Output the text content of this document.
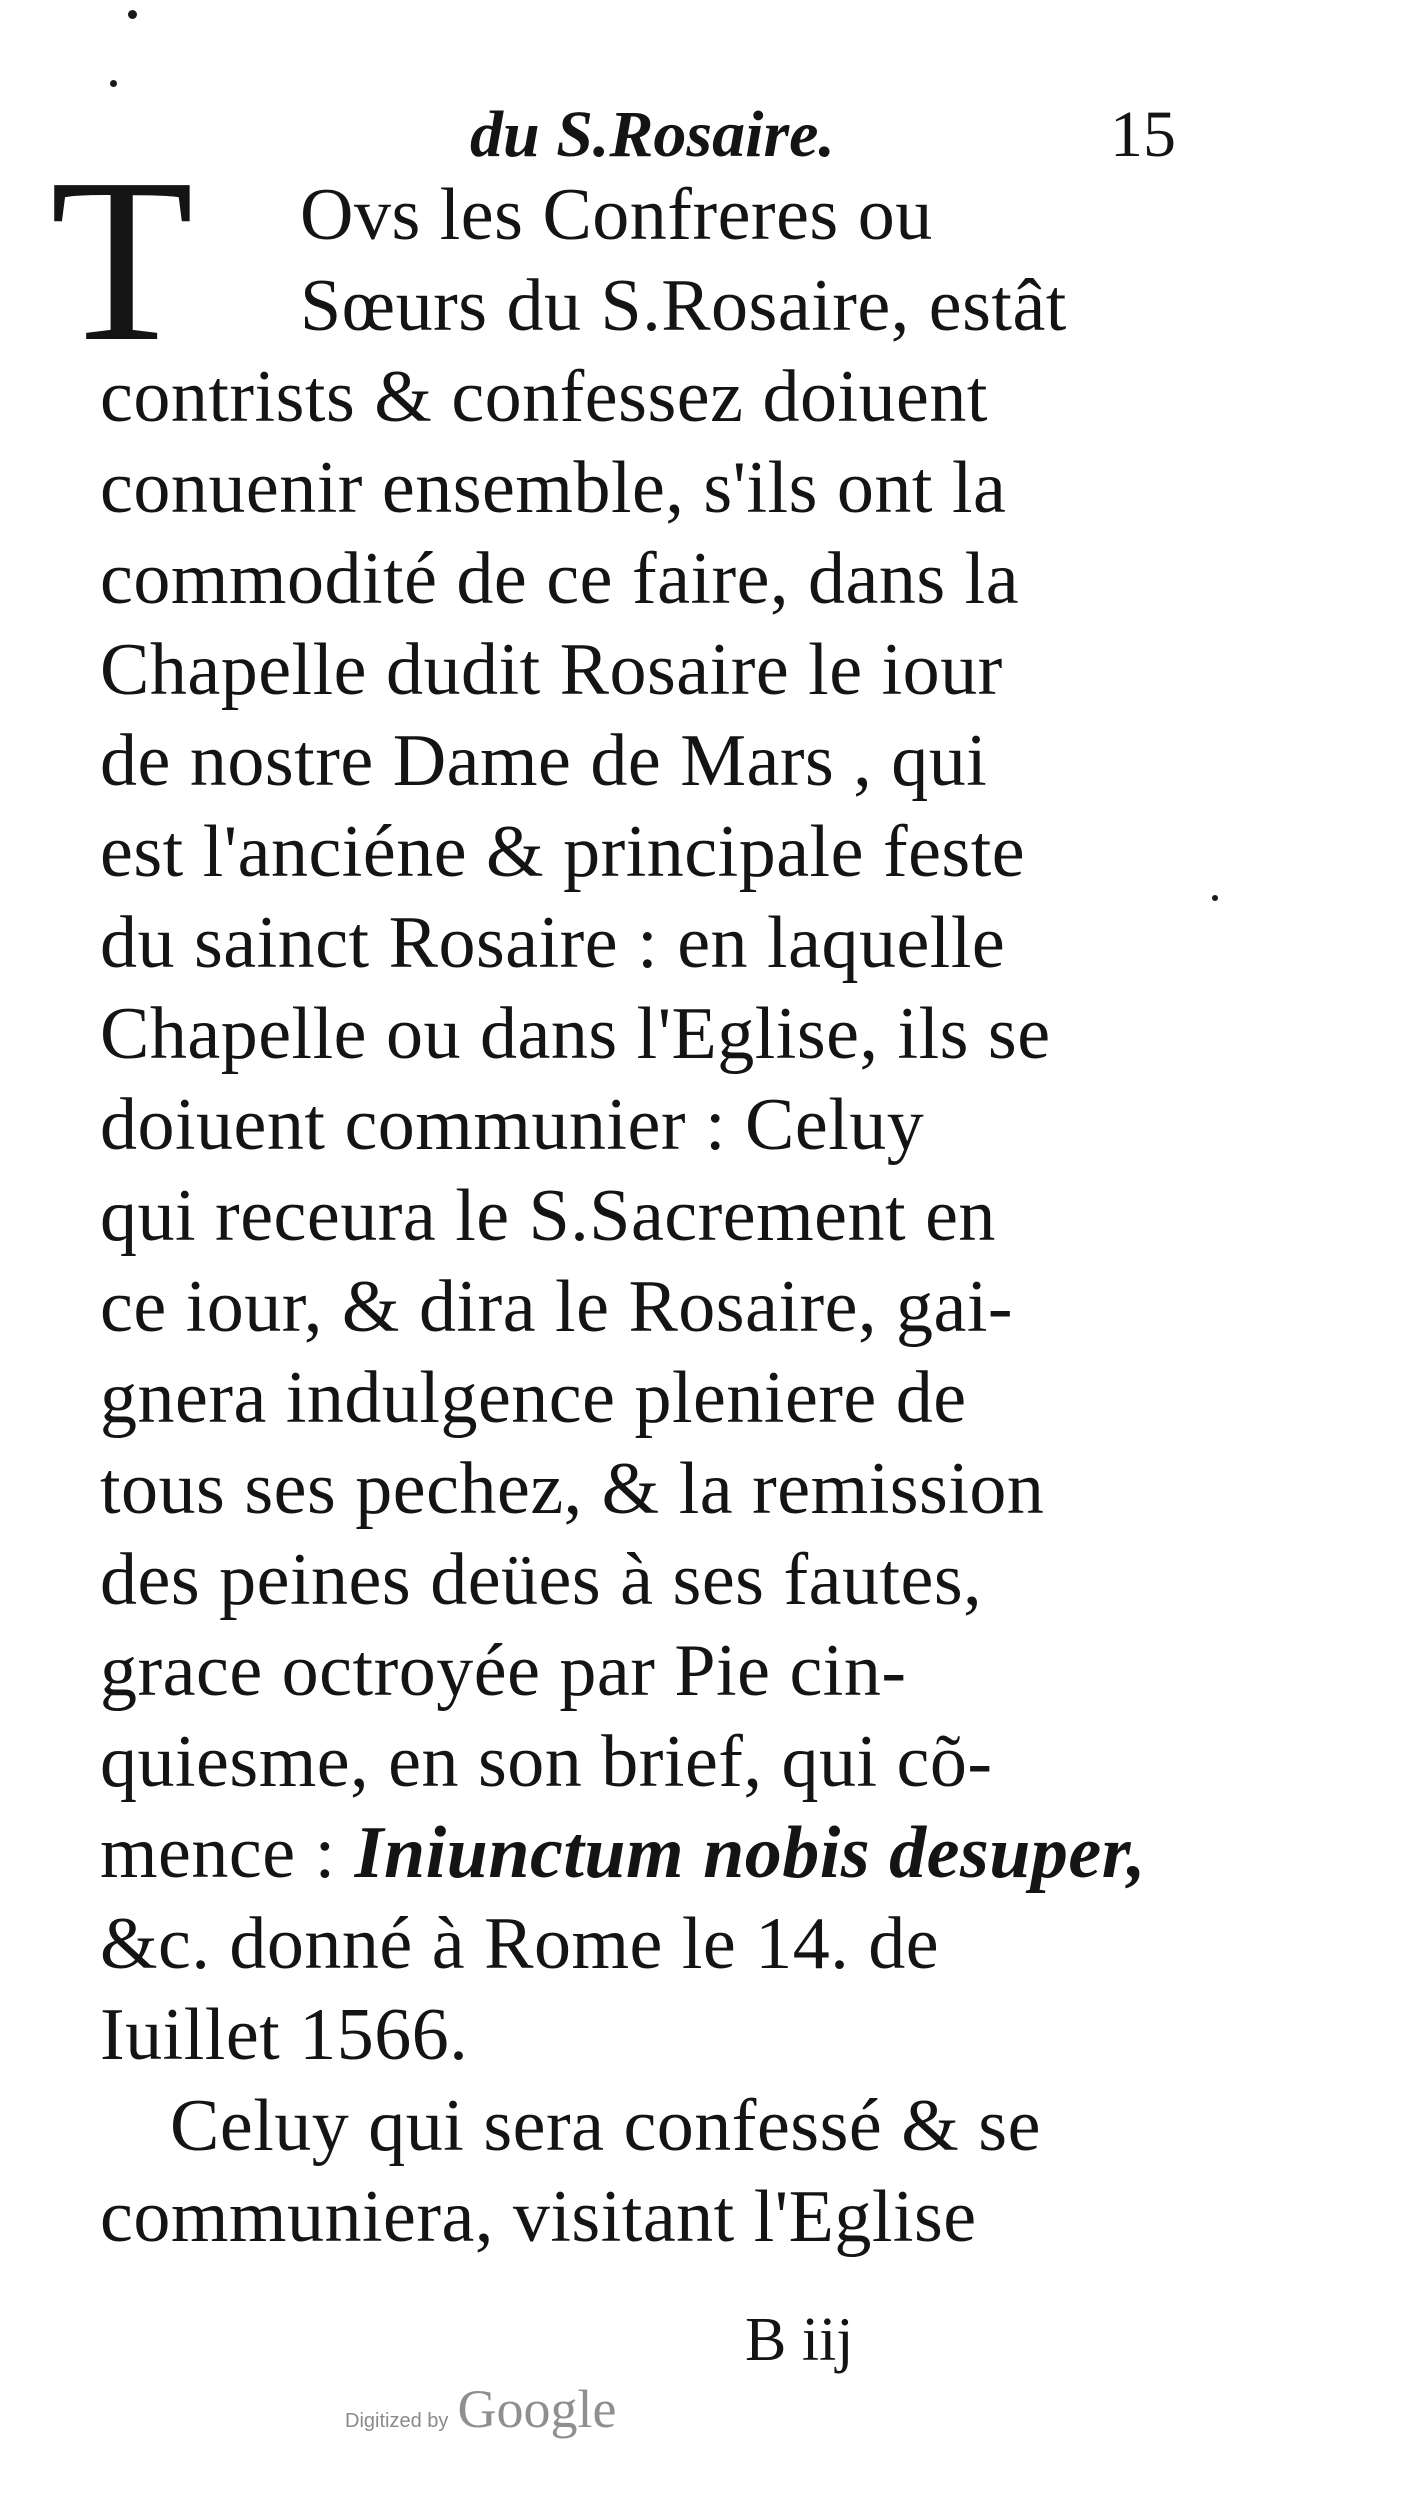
du S.Rosaire.	15
T	Ovs les Confreres ou
Sœurs du S.Rosaire, estât
contrists & confessez doiuent
conuenir ensemble, s'ils ont la
commodité de ce faire, dans la
Chapelle dudit Rosaire le iour
de nostre Dame de Mars , qui
est l'anciéne & principale feste
du sainct Rosaire : en laquelle
Chapelle ou dans l'Eglise, ils se
doiuent communier : Celuy
qui receura le S.Sacrement en
ce iour, & dira le Rosaire, gai-
gnera indulgence pleniere de
tous ses pechez, & la remission
des peines deües à ses fautes,
grace octroyée par Pie cin-
quiesme, en son brief, qui cõ-
mence : Iniunctum nobis desuper,
&c. donné à Rome le 14. de
Iuillet 1566.
Celuy qui sera confessé & se
communiera, visitant l'Eglise
B iij
Digitized by Google
